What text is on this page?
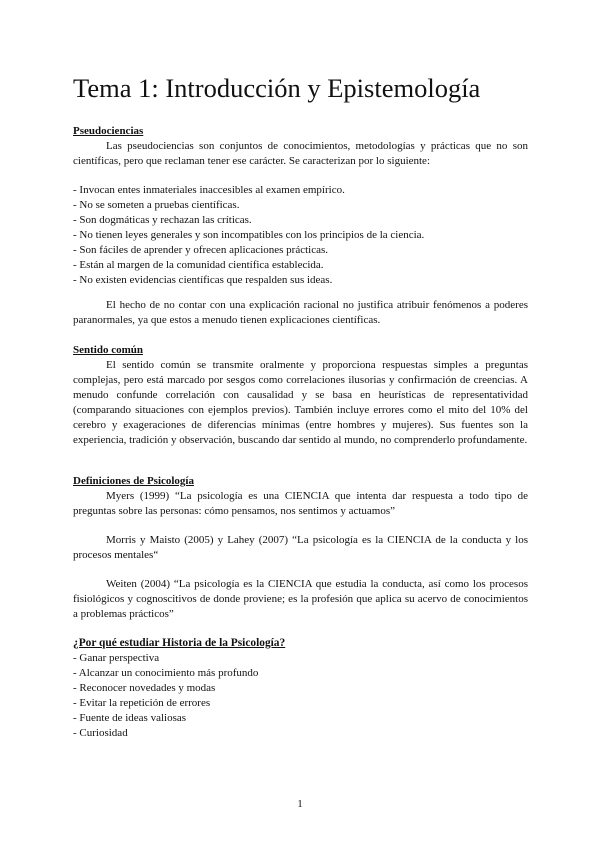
Tema 1: Introducción y Epistemología
Pseudociencias

Las pseudociencias son conjuntos de conocimientos, metodologías y prácticas que no son científicas, pero que reclaman tener ese carácter. Se caracterizan por lo siguiente:

- Invocan entes inmateriales inaccesibles al examen empírico.
- No se someten a pruebas científicas.
- Son dogmáticas y rechazan las críticas.
- No tienen leyes generales y son incompatibles con los principios de la ciencia.
- Son fáciles de aprender y ofrecen aplicaciones prácticas.
- Están al margen de la comunidad científica establecida.
- No existen evidencias científicas que respalden sus ideas.

El hecho de no contar con una explicación racional no justifica atribuir fenómenos a poderes paranormales, ya que estos a menudo tienen explicaciones científicas.

Sentido común

El sentido común se transmite oralmente y proporciona respuestas simples a preguntas complejas, pero está marcado por sesgos como correlaciones ilusorias y confirmación de creencias. A menudo confunde correlación con causalidad y se basa en heurísticas de representatividad (comparando situaciones con ejemplos previos). También incluye errores como el mito del 10% del cerebro y exageraciones de diferencias mínimas (entre hombres y mujeres). Sus fuentes son la experiencia, tradición y observación, buscando dar sentido al mundo, no comprenderlo profundamente.

Definiciones de Psicología

Myers (1999) “La psicología es una CIENCIA que intenta dar respuesta a todo tipo de preguntas sobre las personas: cómo pensamos, nos sentimos y actuamos”

Morris y Maisto (2005) y Lahey (2007) “La psicología es la CIENCIA de la conducta y los procesos mentales“

Weiten (2004) “La psicología es la CIENCIA que estudia la conducta, así como los procesos fisiológicos y cognoscitivos de donde proviene; es la profesión que aplica su acervo de conocimientos a problemas prácticos”

¿Por qué estudiar Historia de la Psicología?
- Ganar perspectiva
- Alcanzar un conocimiento más profundo
- Reconocer novedades y modas
- Evitar la repetición de errores
- Fuente de ideas valiosas
- Curiosidad
1
